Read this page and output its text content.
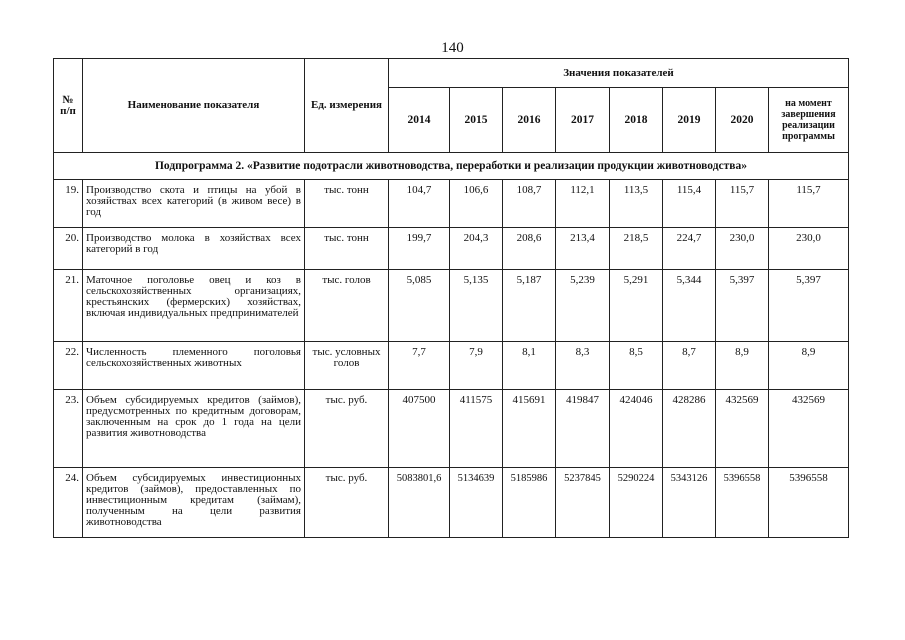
140
№ п/п	Наименование показателя	Ед. измерения	Значения показателей							
			2014	2015	2016	2017	2018	2019	2020	на момент завершения реализации программы
Подпрограмма 2. «Развитие подотрасли животноводства, переработки и реализации продукции животноводства»										
19.	Производство скота и птицы на убой в хозяйствах всех категорий (в живом весе) в год	тыс. тонн	104,7	106,6	108,7	112,1	113,5	115,4	115,7	115,7
20.	Производство молока в хозяйствах всех категорий в год	тыс. тонн	199,7	204,3	208,6	213,4	218,5	224,7	230,0	230,0
21.	Маточное поголовье овец и коз в сельскохозяйственных организациях, крестьянских (фермерских) хозяйствах, включая индивидуальных предпринимателей	тыс. голов	5,085	5,135	5,187	5,239	5,291	5,344	5,397	5,397
22.	Численность племенного поголовья сельскохозяйственных животных	тыс. условных голов	7,7	7,9	8,1	8,3	8,5	8,7	8,9	8,9
23.	Объем субсидируемых кредитов (займов), предусмотренных по кредитным договорам, заключенным на срок до 1 года на цели развития животноводства	тыс. руб.	407500	411575	415691	419847	424046	428286	432569	432569
24.	Объем субсидируемых инвестиционных кредитов (займов), предоставленных по инвестиционным кредитам (займам), полученным на цели развития животноводства	тыс. руб.	5083801,6	5134639	5185986	5237845	5290224	5343126	5396558	5396558
